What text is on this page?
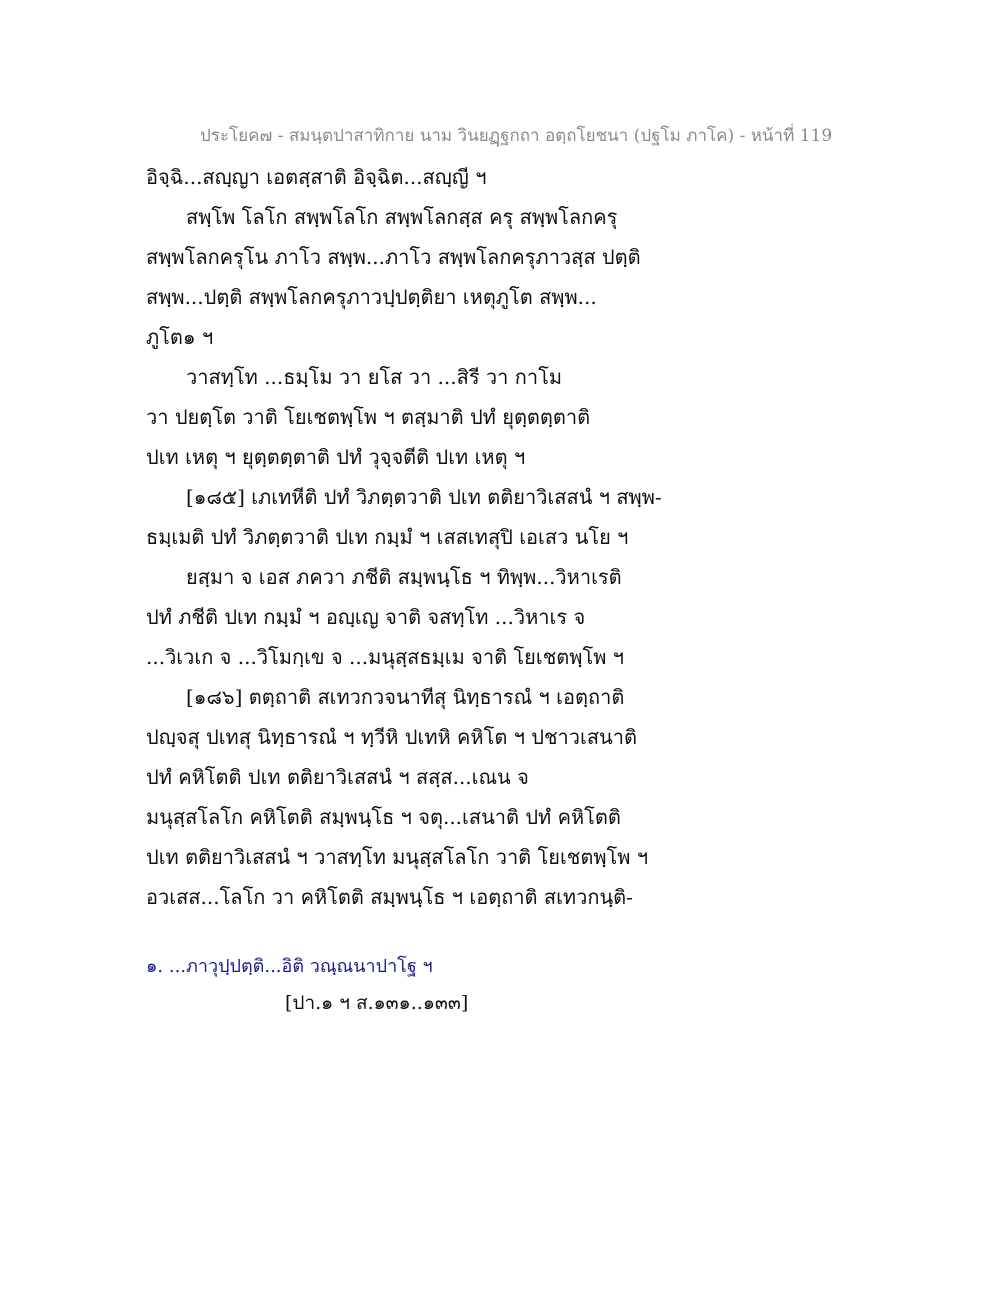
ประโยค๗ - สมนฺตปาสาทิกาย นาม วินยฏฺฐกถา อตฺถโยชนา (ปฐโม ภาโค) - หน้าที่ 119
อิจฺฉิ...สญฺญา เอตสฺสาติ อิจฺฉิต...สญฺญี ฯ
สพฺโพ โลโก สพฺพโลโก สพฺพโลกสฺส ครุ สพฺพโลกครุ
สพฺพโลกครุโน ภาโว สพฺพ...ภาโว สพฺพโลกครุภาวสฺส ปตฺติ
สพฺพ...ปตฺติ สพฺพโลกครุภาวปฺปตฺติยา เหตุภูโต สพฺพ...
ภูโต๑ ฯ
วาสทฺโท ...ธมฺโม วา ยโส วา ...สิรี วา กาโม
วา ปยตฺโต วาติ โยเชตพฺโพ ฯ ตสฺมาติ ปทํ ยุตฺตตฺตาติ
ปเท เหตุ ฯ ยุตฺตตฺตาติ ปทํ วุจฺจตีติ ปเท เหตุ ฯ
[๑๘๕] เภเทหีติ ปทํ วิภตฺตวาติ ปเท ตติยาวิเสสนํ ฯ สพฺพ-
ธมฺเมติ ปทํ วิภตฺตวาติ ปเท กมฺมํ ฯ เสสเทสุปิ เอเสว นโย ฯ
ยสฺมา จ เอส ภควา ภชีติ สมฺพนฺโธ ฯ ทิพฺพ...วิหาเรติ
ปทํ ภชีติ ปเท กมฺมํ ฯ อญฺเญ จาติ จสทฺโท ...วิหาเร จ
...วิเวเก จ ...วิโมกฺเข จ ...มนุสฺสธมฺเม จาติ โยเชตพฺโพ ฯ
[๑๘๖] ตตฺถาติ สเทวกวจนาทีสุ นิทฺธารณํ ฯ เอตฺถาติ
ปญฺจสุ ปเทสุ นิทฺธารณํ ฯ ทฺวีหิ ปเทหิ คหิโต ฯ ปชาวเสนาติ
ปทํ คหิโตติ ปเท ตติยาวิเสสนํ ฯ สสฺส...เณน จ
มนุสฺสโลโก คหิโตติ สมฺพนฺโธ ฯ จตุ...เสนาติ ปทํ คหิโตติ
ปเท ตติยาวิเสสนํ ฯ วาสทฺโท มนุสฺสโลโก วาติ โยเชตพฺโพ ฯ
อวเสส...โลโก วา คหิโตติ สมฺพนฺโธ ฯ เอตฺถาติ สเทวกนฺติ-
๑. ...ภาวุปฺปตฺติ...อิติ วณฺณนาปาโฐ ฯ
[ปา.๑ ฯ ส.๑๓๑..๑๓๓]
